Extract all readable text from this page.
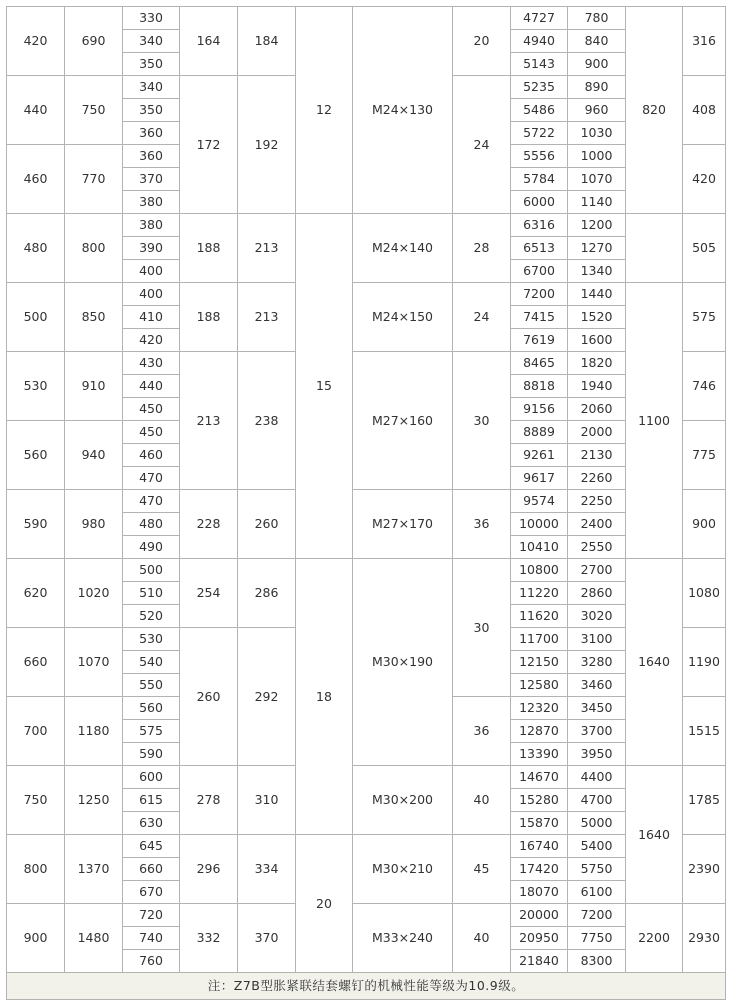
420	690	330	164	184	12	M24×130	20	4727	780	820	316
		340						4940	840		
		350						5143	900		
440	750	340	172	192			24	5235	890		408
		350						5486	960		
		360						5722	1030		
460	770	360						5556	1000		420
		370						5784	1070		
		380						6000	1140		
480	800	380	188	213	15	M24×140	28	6316	1200		505
		390						6513	1270		
		400						6700	1340		
500	850	400	188	213		M24×150	24	7200	1440	1100	575
		410						7415	1520		
		420						7619	1600		
530	910	430	213	238		M27×160	30	8465	1820		746
		440						8818	1940		
		450						9156	2060		
560	940	450						8889	2000		775
		460						9261	2130		
		470						9617	2260		
590	980	470	228	260		M27×170	36	9574	2250		900
		480						10000	2400		
		490						10410	2550		
620	1020	500	254	286	18	M30×190	30	10800	2700	1640	1080
		510						11220	2860		
		520						11620	3020		
660	1070	530	260	292				11700	3100		1190
		540						12150	3280		
		550						12580	3460		
700	1180	560					36	12320	3450		1515
		575						12870	3700		
		590						13390	3950		
750	1250	600	278	310		M30×200	40	14670	4400	1640	1785
		615						15280	4700		
		630						15870	5000		
800	1370	645	296	334	20	M30×210	45	16740	5400		2390
		660						17420	5750		
		670						18070	6100		
900	1480	720	332	370		M33×240	40	20000	7200	2200	2930
		740						20950	7750		
		760						21840	8300		
注：Z7B型胀紧联结套螺钉的机械性能等级为10.9级。											
